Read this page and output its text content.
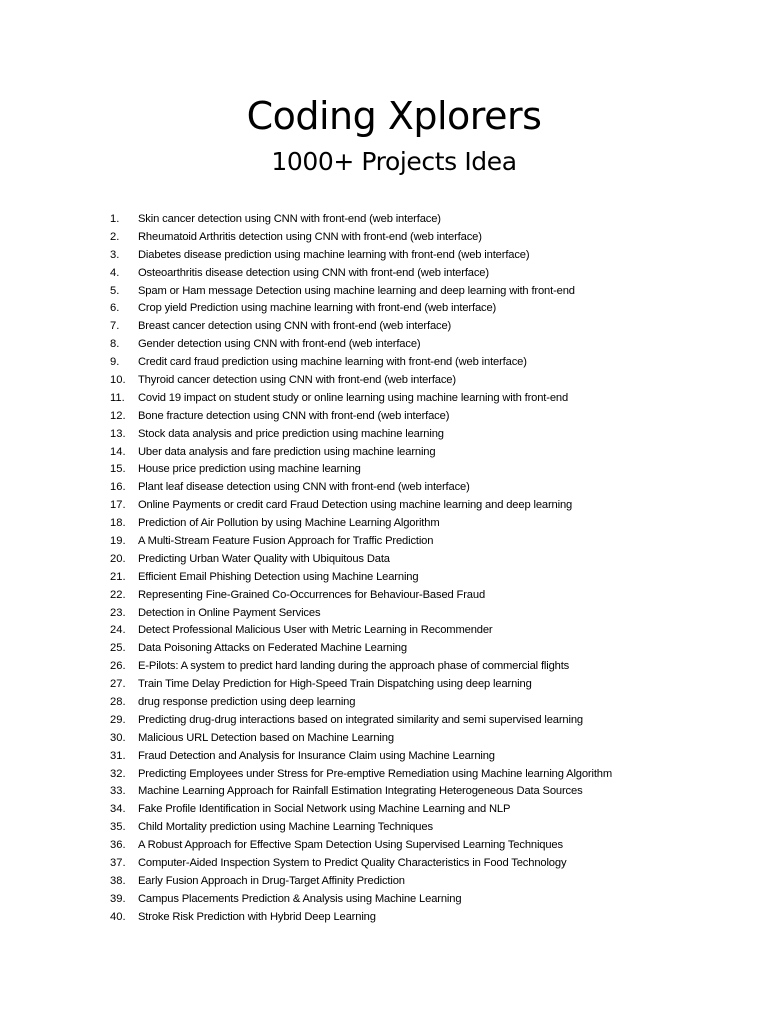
Coding Xplorers
1000+ Projects Idea
1.	Skin cancer detection using CNN with front-end (web interface)
2.	Rheumatoid Arthritis detection using CNN with front-end (web interface)
3.	Diabetes disease prediction using machine learning with front-end (web interface)
4.	Osteoarthritis disease detection using CNN with front-end (web interface)
5.	Spam or Ham message Detection using machine learning and deep learning with front-end
6.	Crop yield Prediction using machine learning with front-end (web interface)
7.	Breast cancer detection using CNN with front-end (web interface)
8.	Gender detection using CNN with front-end (web interface)
9.	Credit card fraud prediction using machine learning with front-end (web interface)
10.	Thyroid cancer detection using CNN with front-end (web interface)
11.	Covid 19 impact on student study or online learning using machine learning with front-end
12.	Bone fracture detection using CNN with front-end (web interface)
13.	Stock data analysis and price prediction using machine learning
14.	Uber data analysis and fare prediction using machine learning
15.	House price prediction using machine learning
16.	Plant leaf disease detection using CNN with front-end (web interface)
17.	Online Payments or credit card Fraud Detection using machine learning and deep learning
18.	Prediction of Air Pollution by using Machine Learning Algorithm
19.	A Multi-Stream Feature Fusion Approach for Traffic Prediction
20.	Predicting Urban Water Quality with Ubiquitous Data
21.	Efficient Email Phishing Detection using Machine Learning
22.	Representing Fine-Grained Co-Occurrences for Behaviour-Based Fraud
23.	Detection in Online Payment Services
24.	Detect Professional Malicious User with Metric Learning in Recommender
25.	Data Poisoning Attacks on Federated Machine Learning
26.	E-Pilots: A system to predict hard landing during the approach phase of commercial flights
27.	Train Time Delay Prediction for High-Speed Train Dispatching using deep learning
28.	drug response prediction using deep learning
29.	Predicting drug-drug interactions based on integrated similarity and semi supervised learning
30.	Malicious URL Detection based on Machine Learning
31.	Fraud Detection and Analysis for Insurance Claim using Machine Learning
32.	Predicting Employees under Stress for Pre-emptive Remediation using Machine learning Algorithm
33.	Machine Learning Approach for Rainfall Estimation Integrating Heterogeneous Data Sources
34.	Fake Profile Identification in Social Network using Machine Learning and NLP
35.	Child Mortality prediction using Machine Learning Techniques
36.	A Robust Approach for Effective Spam Detection Using Supervised Learning Techniques
37.	Computer-Aided Inspection System to Predict Quality Characteristics in Food Technology
38.	Early Fusion Approach in Drug-Target Affinity Prediction
39.	Campus Placements Prediction & Analysis using Machine Learning
40.	Stroke Risk Prediction with Hybrid Deep Learning
